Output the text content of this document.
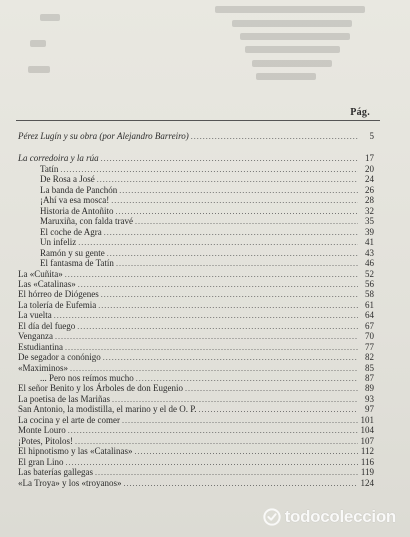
Pág.
Pérez Lugín y su obra (por Alejandro Barreiro) .....	5
La corredoira y la rúa .....	17
Tatín .....	20
De Rosa a José .....	24
La banda de Panchón .....	26
¡Ahí va esa mosca! .....	28
Historia de Antoñito .....	32
Maruxiña, con falda travé .....	35
El coche de Agra .....	39
Un infeliz .....	41
Ramón y su gente .....	43
El fantasma de Tatín .....	46
La «Cuñita» .....	52
Las «Catalinas» .....	56
El hórreo de Diógenes .....	58
La tolería de Eufemia .....	61
La vuelta .....	64
El día del fuego .....	67
Venganza .....	70
Estudiantina .....	77
De segador a conónigo .....	82
«Maximinos» .....	85
... Pero nos reímos mucho .....	87
El señor Benito y los Árboles de don Eugenio .....	89
La poetisa de las Mariñas .....	93
San Antonio, la modistilla, el marino y el de O. P. .....	97
La cocina y el arte de comer .....	101
Monte Louro .....	104
¡Potes, Pitolos! .....	107
El hipnotismo y las «Catalinas» .....	112
El gran Lino .....	116
Las baterías gallegas .....	119
«La Troya» y los «troyanos» .....	124
todocoleccion
